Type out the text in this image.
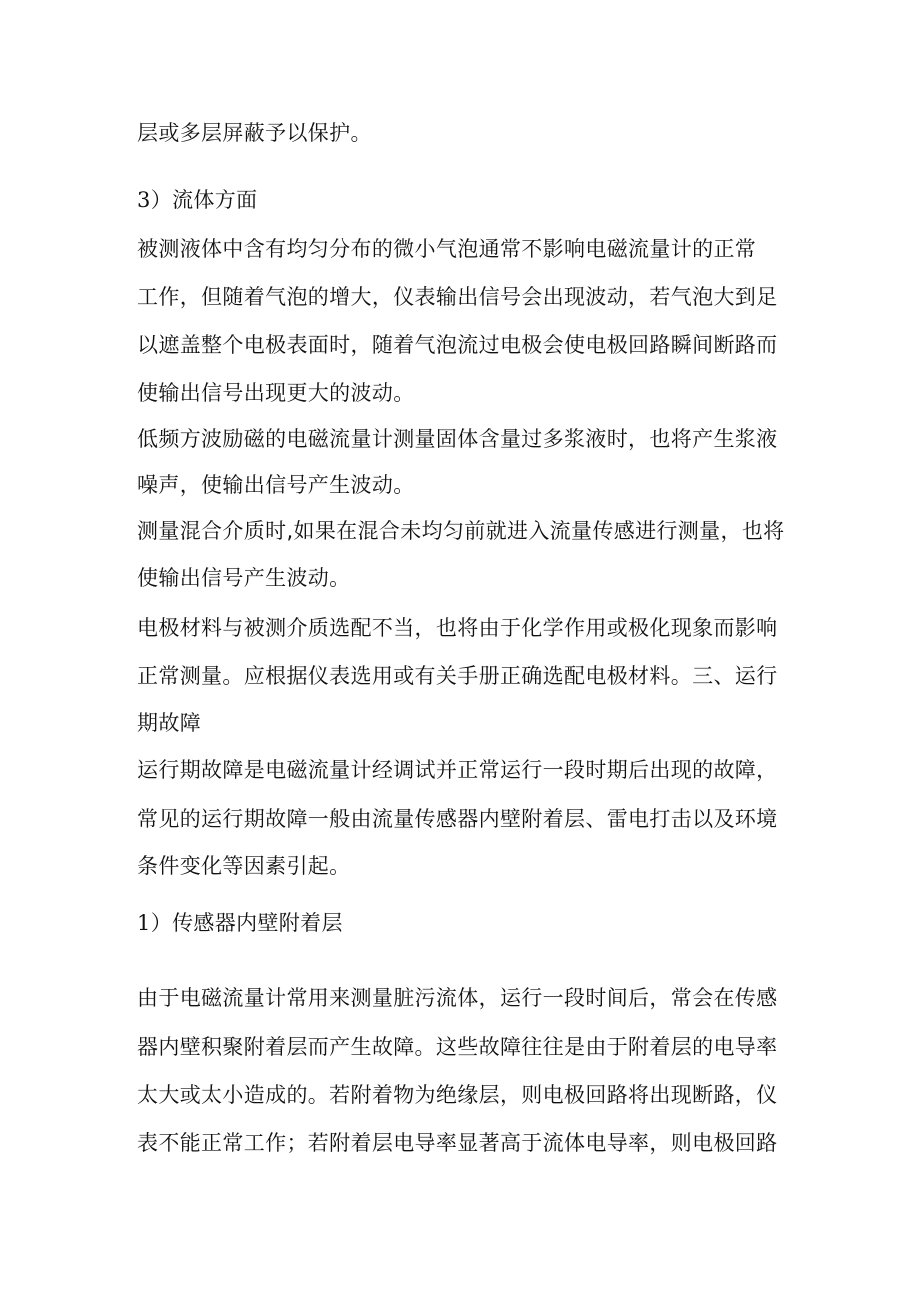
层或多层屏蔽予以保护。
3）流体方面
被测液体中含有均匀分布的微小气泡通常不影响电磁流量计的正常
工作，但随着气泡的增大，仪表输出信号会出现波动，若气泡大到足
以遮盖整个电极表面时，随着气泡流过电极会使电极回路瞬间断路而
使输出信号出现更大的波动。
低频方波励磁的电磁流量计测量固体含量过多浆液时，也将产生浆液
噪声，使输出信号产生波动。
测量混合介质时,如果在混合未均匀前就进入流量传感进行测量，也将
使输出信号产生波动。
电极材料与被测介质选配不当，也将由于化学作用或极化现象而影响
正常测量。应根据仪表选用或有关手册正确选配电极材料。三、运行
期故障
运行期故障是电磁流量计经调试并正常运行一段时期后出现的故障，
常见的运行期故障一般由流量传感器内壁附着层、雷电打击以及环境
条件变化等因素引起。
1）传感器内壁附着层
由于电磁流量计常用来测量脏污流体，运行一段时间后，常会在传感
器内壁积聚附着层而产生故障。这些故障往往是由于附着层的电导率
太大或太小造成的。若附着物为绝缘层，则电极回路将出现断路，仪
表不能正常工作；若附着层电导率显著高于流体电导率，则电极回路
